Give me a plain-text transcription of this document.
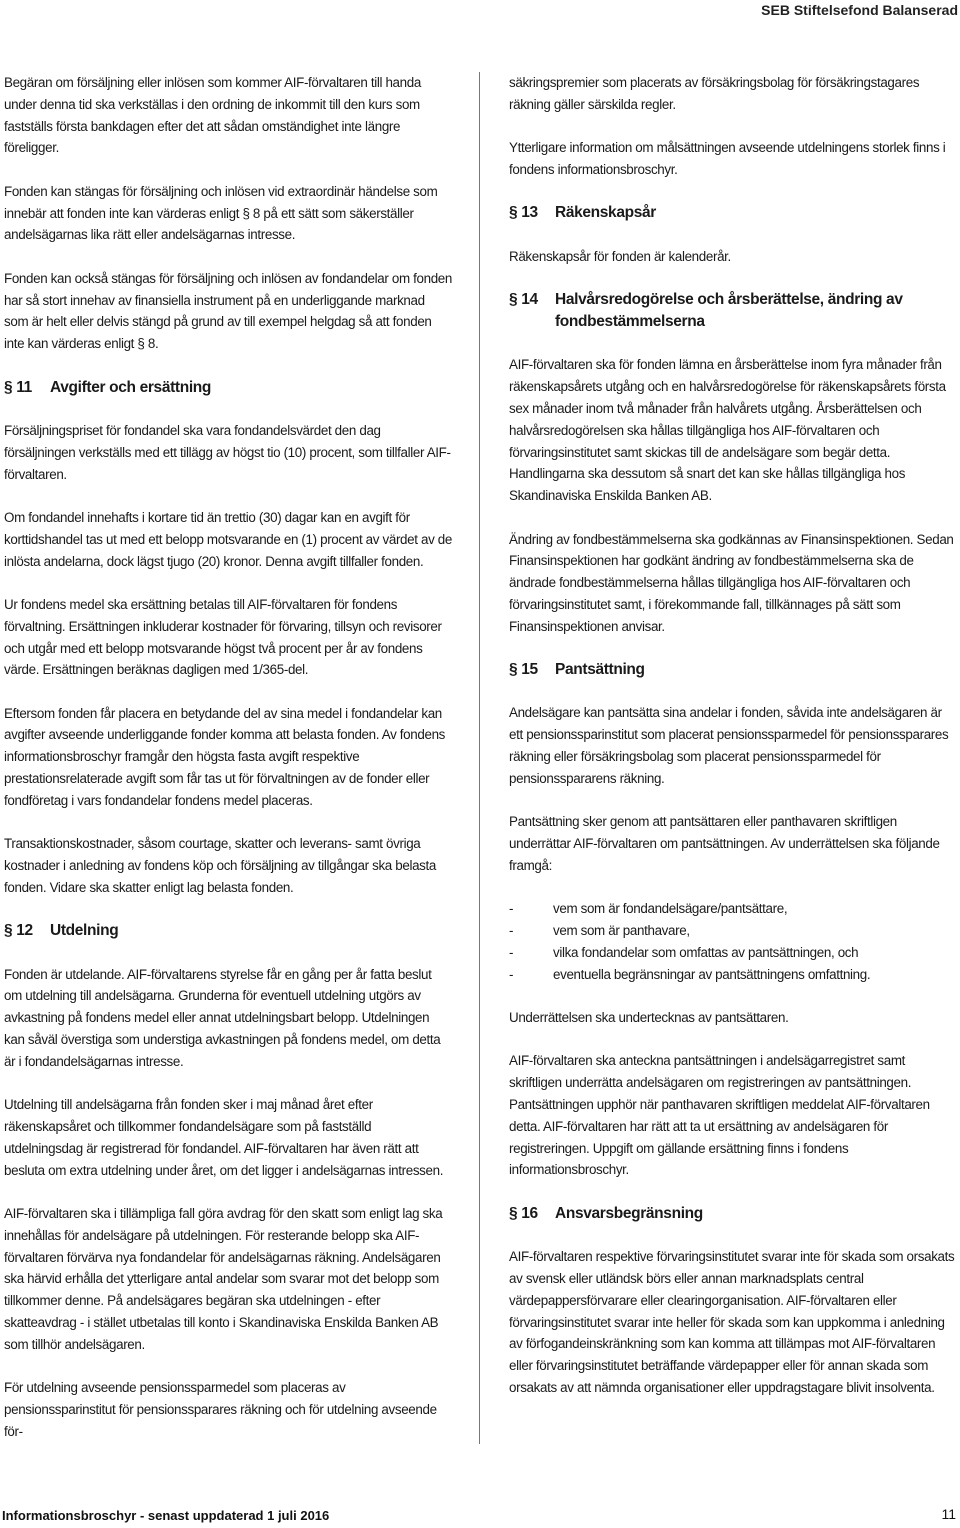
SEB Stiftelsefond Balanserad

Begäran om försäljning eller inlösen som kommer AIF-förvaltaren till handa under denna tid ska verkställas i den ordning de inkommit till den kurs som fastställs första bankdagen efter det att sådan omständighet inte längre föreligger.

Fonden kan stängas för försäljning och inlösen vid extraordinär händelse som innebär att fonden inte kan värderas enligt § 8 på ett sätt som säkerställer andelsägarnas lika rätt eller andelsägarnas intresse.

Fonden kan också stängas för försäljning och inlösen av fondandelar om fonden har så stort innehav av finansiella instrument på en underliggande marknad som är helt eller delvis stängd på grund av till exempel helgdag så att fonden inte kan värderas enligt § 8.

§ 11	Avgifter och ersättning

Försäljningspriset för fondandel ska vara fondandelsvärdet den dag försäljningen verkställs med ett tillägg av högst tio (10) procent, som tillfaller AIF-förvaltaren.

Om fondandel innehafts i kortare tid än trettio (30) dagar kan en avgift för korttidshandel tas ut med ett belopp motsvarande en (1) procent av värdet av de inlösta andelarna, dock lägst tjugo (20) kronor. Denna avgift tillfaller fonden.

Ur fondens medel ska ersättning betalas till AIF-förvaltaren för fondens förvaltning. Ersättningen inkluderar kostnader för förvaring, tillsyn och revisorer och utgår med ett belopp motsvarande högst två procent per år av fondens värde. Ersättningen beräknas dagligen med 1/365-del.

Eftersom fonden får placera en betydande del av sina medel i fondandelar kan avgifter avseende underliggande fonder komma att belasta fonden. Av fondens informationsbroschyr framgår den högsta fasta avgift respektive prestationsrelaterade avgift som får tas ut för förvaltningen av de fonder eller fondföretag i vars fondandelar fondens medel placeras.

Transaktionskostnader, såsom courtage, skatter och leverans- samt övriga kostnader i anledning av fondens köp och försäljning av tillgångar ska belasta fonden. Vidare ska skatter enligt lag belasta fonden.

§ 12	Utdelning

Fonden är utdelande. AIF-förvaltarens styrelse får en gång per år fatta beslut om utdelning till andelsägarna. Grunderna för eventuell utdelning utgörs av avkastning på fondens medel eller annat utdelningsbart belopp. Utdelningen kan såväl överstiga som understiga avkastningen på fondens medel, om detta är i fondandelsägarnas intresse.

Utdelning till andelsägarna från fonden sker i maj månad året efter räkenskapsåret och tillkommer fondandelsägare som på fastställd utdelningsdag är registrerad för fondandel. AIF-förvaltaren har även rätt att besluta om extra utdelning under året, om det ligger i andelsägarnas intressen.

AIF-förvaltaren ska i tillämpliga fall göra avdrag för den skatt som enligt lag ska innehållas för andelsägare på utdelningen. För resterande belopp ska AIF-förvaltaren förvärva nya fondandelar för andelsägarnas räkning. Andelsägaren ska härvid erhålla det ytterligare antal andelar som svarar mot det belopp som tillkommer denne. På andelsägares begäran ska utdelningen - efter skatteavdrag - i stället utbetalas till konto i Skandinaviska Enskilda Banken AB som tillhör andelsägaren.

För utdelning avseende pensionssparmedel som placeras av pensionssparinstitut för pensionssparares räkning och för utdelning avseende för-

säkringspremier som placerats av försäkringsbolag för försäkringstagares räkning gäller särskilda regler.

Ytterligare information om målsättningen avseende utdelningens storlek finns i fondens informationsbroschyr.

§ 13	Räkenskapsår

Räkenskapsår för fonden är kalenderår.

§ 14	Halvårsredogörelse och årsberättelse, ändring av fondbestämmelserna

AIF-förvaltaren ska för fonden lämna en årsberättelse inom fyra månader från räkenskapsårets utgång och en halvårsredogörelse för räkenskapsårets första sex månader inom två månader från halvårets utgång. Årsberättelsen och halvårsredogörelsen ska hållas tillgängliga hos AIF-förvaltaren och förvaringsinstitutet samt skickas till de andelsägare som begär detta. Handlingarna ska dessutom så snart det kan ske hållas tillgängliga hos Skandinaviska Enskilda Banken AB.

Ändring av fondbestämmelserna ska godkännas av Finansinspektionen. Sedan Finansinspektionen har godkänt ändring av fondbestämmelserna ska de ändrade fondbestämmelserna hållas tillgängliga hos AIF-förvaltaren och förvaringsinstitutet samt, i förekommande fall, tillkännages på sätt som Finansinspektionen anvisar.

§ 15	Pantsättning

Andelsägare kan pantsätta sina andelar i fonden, såvida inte andelsägaren är ett pensionssparinstitut som placerat pensionssparmedel för pensionssparares räkning eller försäkringsbolag som placerat pensionssparmedel för pensionsspararens räkning.

Pantsättning sker genom att pantsättaren eller panthavaren skriftligen underrättar AIF-förvaltaren om pantsättningen. Av underrättelsen ska följande framgå:

-	vem som är fondandelsägare/pantsättare,
-	vem som är panthavare,
-	vilka fondandelar som omfattas av pantsättningen, och
-	eventuella begränsningar av pantsättningens omfattning.

Underrättelsen ska undertecknas av pantsättaren.

AIF-förvaltaren ska anteckna pantsättningen i andelsägarregistret samt skriftligen underrätta andelsägaren om registreringen av pantsättningen. Pantsättningen upphör när panthavaren skriftligen meddelat AIF-förvaltaren detta. AIF-förvaltaren har rätt att ta ut ersättning av andelsägaren för registreringen. Uppgift om gällande ersättning finns i fondens informationsbroschyr.

§ 16	Ansvarsbegränsning

AIF-förvaltaren respektive förvaringsinstitutet svarar inte för skada som orsakats av svensk eller utländsk börs eller annan marknadsplats central värdepappersförvarare eller clearingorganisation. AIF-förvaltaren eller förvaringsinstitutet svarar inte heller för skada som kan uppkomma i anledning av förfogandeinskränkning som kan komma att tillämpas mot AIF-förvaltaren eller förvaringsinstitutet beträffande värdepapper eller för annan skada som orsakats av att nämnda organisationer eller uppdragstagare blivit insolventa.

Informationsbroschyr - senast uppdaterad 1 juli 2016	11
